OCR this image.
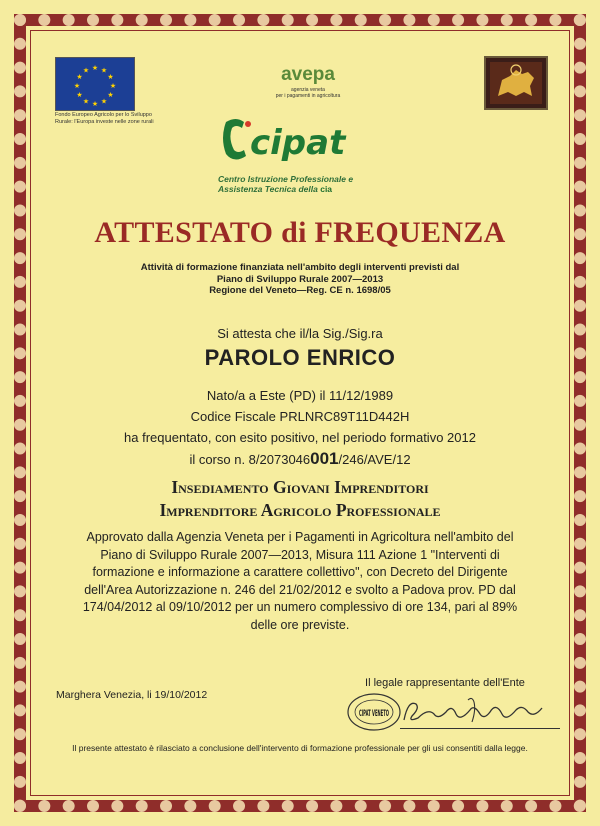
★ ★
★
★
★
★
★
★
★
★
★
★
Fondo Europeo Agricolo per lo Sviluppo
Rurale: l'Europa investe nelle zone rurali
avepa
agenzia veneta
per i pagamenti in agricoltura
cipat
Centro Istruzione Professionale e
Assistenza Tecnica della cia
ATTESTATO di FREQUENZA
Attività di formazione finanziata nell'ambito degli interventi previsti dal
Piano di Sviluppo Rurale 2007—2013
Regione del Veneto—Reg. CE n. 1698/05
Si attesta che il/la Sig./Sig.ra
PAROLO ENRICO
Nato/a a Este (PD) il 11/12/1989
Codice Fiscale PRLNRC89T11D442H
ha frequentato, con esito positivo, nel periodo formativo 2012
il corso n. 8/2073046001/246/AVE/12
Insediamento Giovani Imprenditori
Imprenditore Agricolo Professionale
Approvato dalla Agenzia Veneta per i Pagamenti in Agricoltura nell'ambito del
Piano di Sviluppo Rurale 2007—2013, Misura 111 Azione 1 "Interventi di
formazione e informazione a carattere collettivo", con Decreto del Dirigente
dell'Area Autorizzazione n. 246 del 21/02/2012 e svolto a Padova prov. PD dal
174/04/2012 al 09/10/2012 per un numero complessivo di ore 134, pari al 89%
delle ore previste.
Il legale rappresentante dell'Ente
Marghera Venezia, li 19/10/2012
CIPAT VENETO
Il presente attestato è rilasciato a conclusione dell'intervento di formazione professionale per gli usi consentiti dalla legge.
